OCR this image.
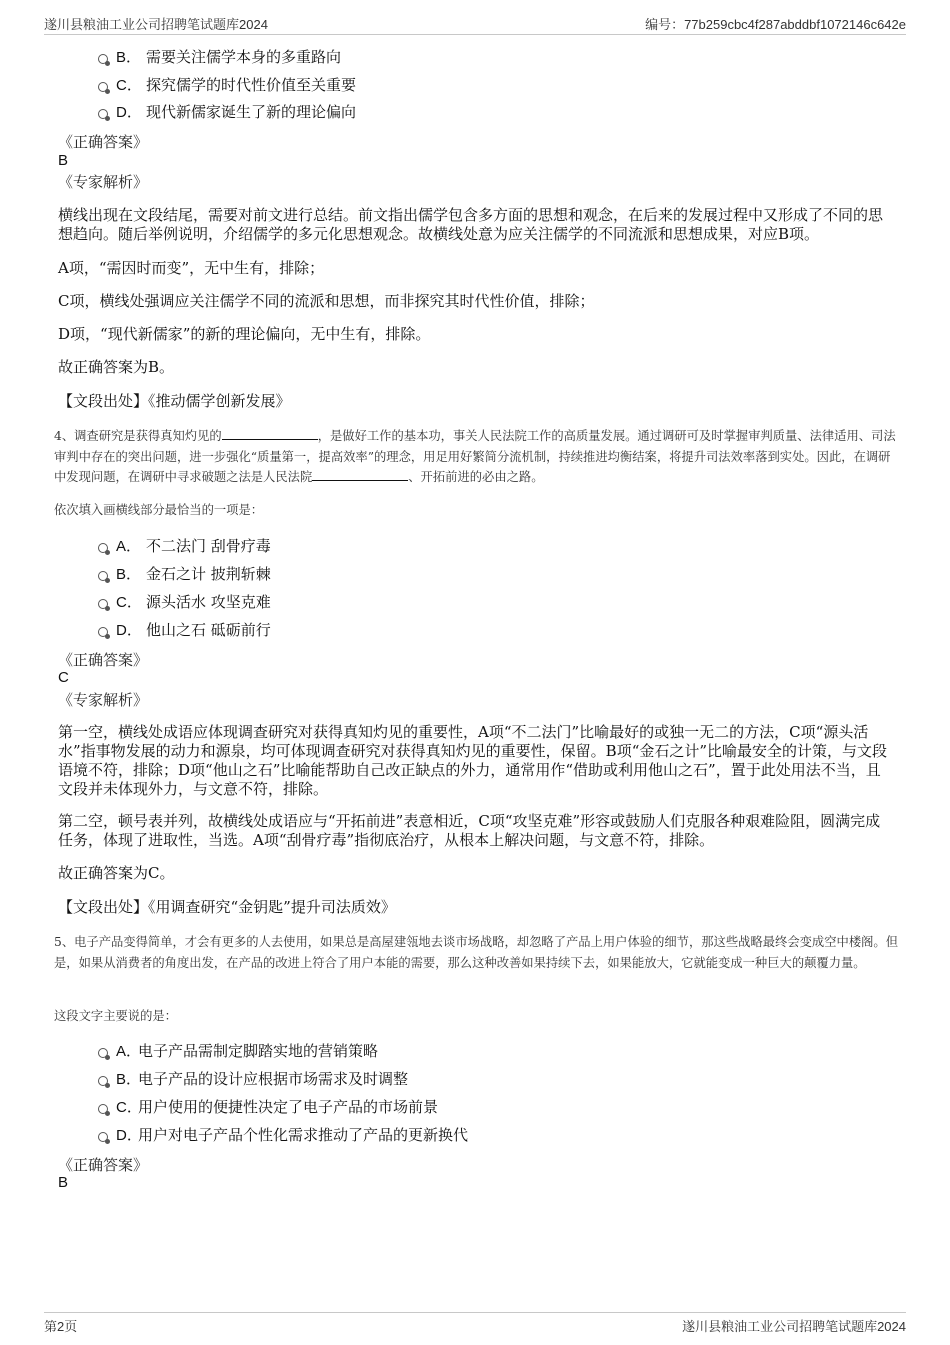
遂川县粮油工业公司招聘笔试题库2024	编号：77b259cbc4f287abddbf1072146c642e
B． 需要关注儒学本身的多重路向
C． 探究儒学的时代性价值至关重要
D． 现代新儒家诞生了新的理论偏向
《正确答案》
B
《专家解析》
横线出现在文段结尾，需要对前文进行总结。前文指出儒学包含多方面的思想和观念，在后来的发展过程中又形成了不同的思想趋向。随后举例说明，介绍儒学的多元化思想观念。故横线处意为应关注儒学的不同流派和思想成果，对应B项。
A项，“需因时而变”，无中生有，排除；
C项，横线处强调应关注儒学不同的流派和思想，而非探究其时代性价值，排除；
D项，“现代新儒家”的新的理论偏向，无中生有，排除。
故正确答案为B。
【文段出处】《推动儒学创新发展》
4、调查研究是获得真知灼见的	，是做好工作的基本功，事关人民法院工作的高质量发展。通过调研可及时掌握审判质量、法律适用、司法审判中存在的突出问题，进一步强化“质量第一，提高效率”的理念，用足用好繁简分流机制，持续推进均衡结案，将提升司法效率落到实处。因此，在调研中发现问题，在调研中寻求破题之法是人民法院	、开拓前进的必由之路。
依次填入画横线部分最恰当的一项是：
A． 不二法门 刮骨疗毒
B． 金石之计 披荆斩棘
C． 源头活水 攻坚克难
D． 他山之石 砥砺前行
《正确答案》
C
《专家解析》
第一空，横线处成语应体现调查研究对获得真知灼见的重要性，A项“不二法门”比喻最好的或独一无二的方法，C项“源头活水”指事物发展的动力和源泉，均可体现调查研究对获得真知灼见的重要性，保留。B项“金石之计”比喻最安全的计策，与文段语境不符，排除；D项“他山之石”比喻能帮助自己改正缺点的外力，通常用作“借助或利用他山之石”，置于此处用法不当，且文段并未体现外力，与文意不符，排除。
第二空，顿号表并列，故横线处成语应与“开拓前进”表意相近，C项“攻坚克难”形容或鼓励人们克服各种艰难险阻，圆满完成任务，体现了进取性，当选。A项“刮骨疗毒”指彻底治疗，从根本上解决问题，与文意不符，排除。
故正确答案为C。
【文段出处】《用调查研究“金钥匙”提升司法质效》
5、电子产品变得简单，才会有更多的人去使用，如果总是高屋建瓴地去谈市场战略，却忽略了产品上用户体验的细节，那这些战略最终会变成空中楼阁。但是，如果从消费者的角度出发，在产品的改进上符合了用户本能的需要，那么这种改善如果持续下去，如果能放大，它就能变成一种巨大的颠覆力量。
这段文字主要说的是：
A．电子产品需制定脚踏实地的营销策略
B．电子产品的设计应根据市场需求及时调整
C．用户使用的便捷性决定了电子产品的市场前景
D．用户对电子产品个性化需求推动了产品的更新换代
《正确答案》
B
第2页	遂川县粮油工业公司招聘笔试题库2024
